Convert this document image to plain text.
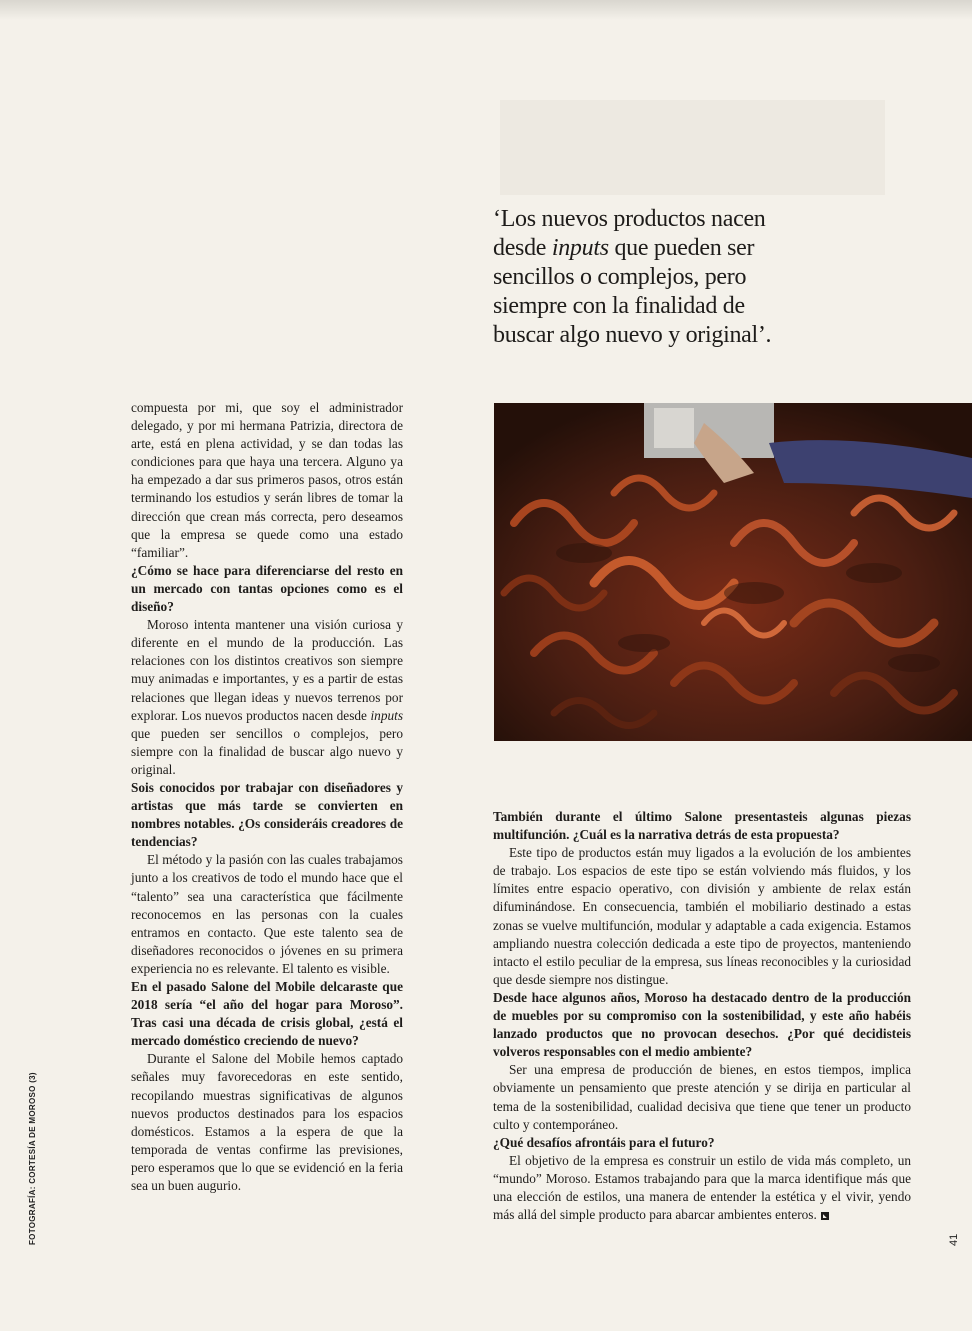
‘Los nuevos productos nacen desde inputs que pueden ser sencillos o complejos, pero siempre con la finalidad de buscar algo nuevo y original’.

compuesta por mi, que soy el administrador delegado, y por mi hermana Patrizia, directora de arte, está en plena actividad, y se dan todas las condiciones para que haya una tercera. Alguno ya ha empezado a dar sus primeros pasos, otros están terminando los estudios y serán libres de tomar la dirección que crean más correcta, pero deseamos que la empresa se quede como una estado “familiar”.

¿Cómo se hace para diferenciarse del resto en un mercado con tantas opciones como es el diseño?

Moroso intenta mantener una visión curiosa y diferente en el mundo de la producción. Las relaciones con los distintos creativos son siempre muy animadas e importantes, y es a partir de estas relaciones que llegan ideas y nuevos terrenos por explorar. Los nuevos productos nacen desde inputs que pueden ser sencillos o complejos, pero siempre con la finalidad de buscar algo nuevo y original.

Sois conocidos por trabajar con diseñadores y artistas que más tarde se convierten en nombres notables. ¿Os consideráis creadores de tendencias?

El método y la pasión con las cuales trabajamos junto a los creativos de todo el mundo hace que el “talento” sea una característica que fácilmente reconocemos en las personas con la cuales entramos en contacto. Que este talento sea de diseñadores reconocidos o jóvenes en su primera experiencia no es relevante. El talento es visible.

En el pasado Salone del Mobile delcaraste que 2018 sería “el año del hogar para Moroso”. Tras casi una década de crisis global, ¿está el mercado doméstico creciendo de nuevo?

Durante el Salone del Mobile hemos captado señales muy favorecedoras en este sentido, recopilando muestras significativas de algunos nuevos productos destinados para los espacios domésticos. Estamos a la espera de que la temporada de ventas confirme las previsiones, pero esperamos que lo que se evidenció en la feria sea un buen augurio.

También durante el último Salone presentasteis algunas piezas multifunción. ¿Cuál es la narrativa detrás de esta propuesta?

Este tipo de productos están muy ligados a la evolución de los ambientes de trabajo. Los espacios de este tipo se están volviendo más fluidos, y los límites entre espacio operativo, con división y ambiente de relax están difuminándose. En consecuencia, también el mobiliario destinado a estas zonas se vuelve multifunción, modular y adaptable a cada exigencia. Estamos ampliando nuestra colección dedicada a este tipo de proyectos, manteniendo intacto el estilo peculiar de la empresa, sus líneas reconocibles y la curiosidad que desde siempre nos distingue.

Desde hace algunos años, Moroso ha destacado dentro de la producción de muebles por su compromiso con la sostenibilidad, y este año habéis lanzado productos que no provocan desechos. ¿Por qué decidisteis volveros responsables con el medio ambiente?

Ser una empresa de producción de bienes, en estos tiempos, implica obviamente un pensamiento que preste atención y se dirija en particular al tema de la sostenibilidad, cualidad decisiva que tiene que tener un producto culto y contemporáneo.

¿Qué desafíos afrontáis para el futuro?

El objetivo de la empresa es construir un estilo de vida más completo, un “mundo” Moroso. Estamos trabajando para que la marca identifique más que una elección de estilos, una manera de entender la estética y el vivir, yendo más allá del simple producto para abarcar ambientes enteros.

FOTOGRAFÍA: CORTESÍA DE MOROSO (3)	41
